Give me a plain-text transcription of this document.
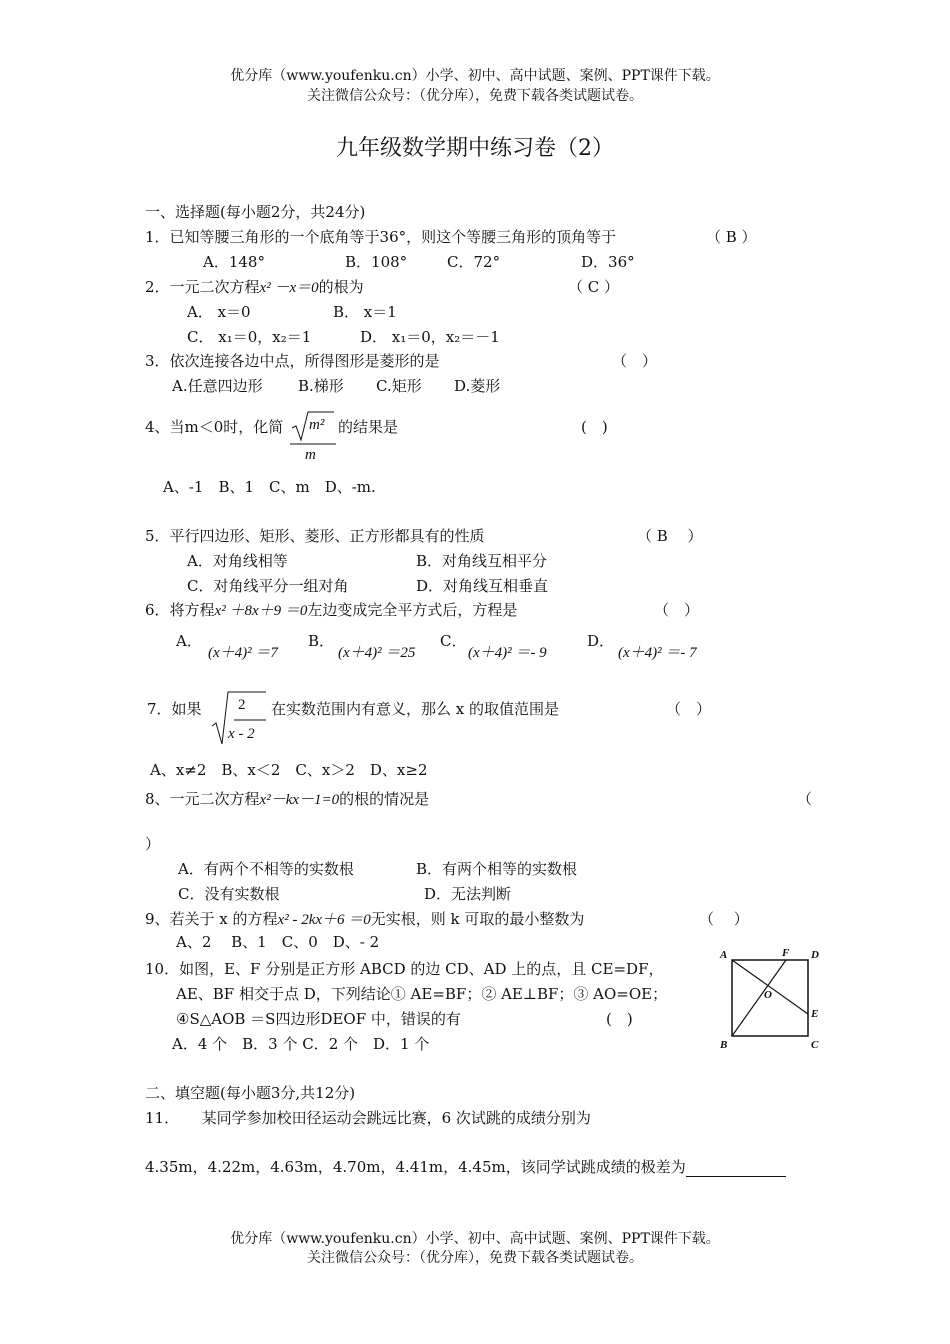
优分库（www.youfenku.cn）小学、初中、高中试题、案例、PPT课件下载。
关注微信公众号：（优分库），免费下载各类试题试卷。
九年级数学期中练习卷（2）
一、选择题(每小题2分，共24分)
1．已知等腰三角形的一个底角等于36°，则这个等腰三角形的顶角等于	（ B ）
A．148°	B．108°	C．72°	D．36°
2．一元二次方程x² －x＝0的根为	（ C ）
A． x＝0	B． x＝1
C． x₁＝0，x₂＝1	D． x₁＝0，x₂＝－1
3．依次连接各边中点，所得图形是菱形的是	（　）
A.任意四边形 B.梯形 C.矩形 D.菱形
4、当m＜0时，化简 m²
m
的结果是	(　)
A、-1　B、1　C、m　D、-m.
5．平行四边形、矩形、菱形、正方形都具有的性质	（ B　 ）
A．对角线相等	B．对角线互相平分
C．对角线平分一组对角	D．对角线互相垂直
6．将方程x² ＋8x＋9 ＝0左边变成完全平方式后，方程是	（　）
A．
(x＋4)² ＝7
B．
(x＋4)² ＝25
C．
(x＋4)² ＝- 9
D．
(x＋4)² ＝- 7
7．如果 2
x - 2
在实数范围内有意义，那么 x 的取值范围是	（　）
A、x≠2　B、x＜2　C、x＞2　D、x≥2
8、一元二次方程x²－kx－1=0的根的情况是	（
）
A．有两个不相等的实数根	B．有两个相等的实数根
C．没有实数根	D．无法判断
9、若关于 x 的方程x² - 2kx＋6 ＝0无实根，则 k 可取的最小整数为	（　 ）
A、2　 B、1　C、0　D、- 2
10．如图，E、F 分别是正方形 ABCD 的边 CD、AD 上的点，且 CE=DF，
AE、BF 相交于点 D，下列结论① AE=BF；② AE⊥BF；③ AO=OE；
④S△AOB ＝S四边形DEOF 中，错误的有	(　)
A．4 个　B．3 个 C．2 个　D．1 个
A	F D
O
E
B	C
二、填空题(每小题3分,共12分)
11．　　某同学参加校田径运动会跳远比赛，6 次试跳的成绩分别为
4.35m，4.22m，4.63m，4.70m，4.41m，4.45m，该同学试跳成绩的极差为
优分库（www.youfenku.cn）小学、初中、高中试题、案例、PPT课件下载。
关注微信公众号：（优分库），免费下载各类试题试卷。
